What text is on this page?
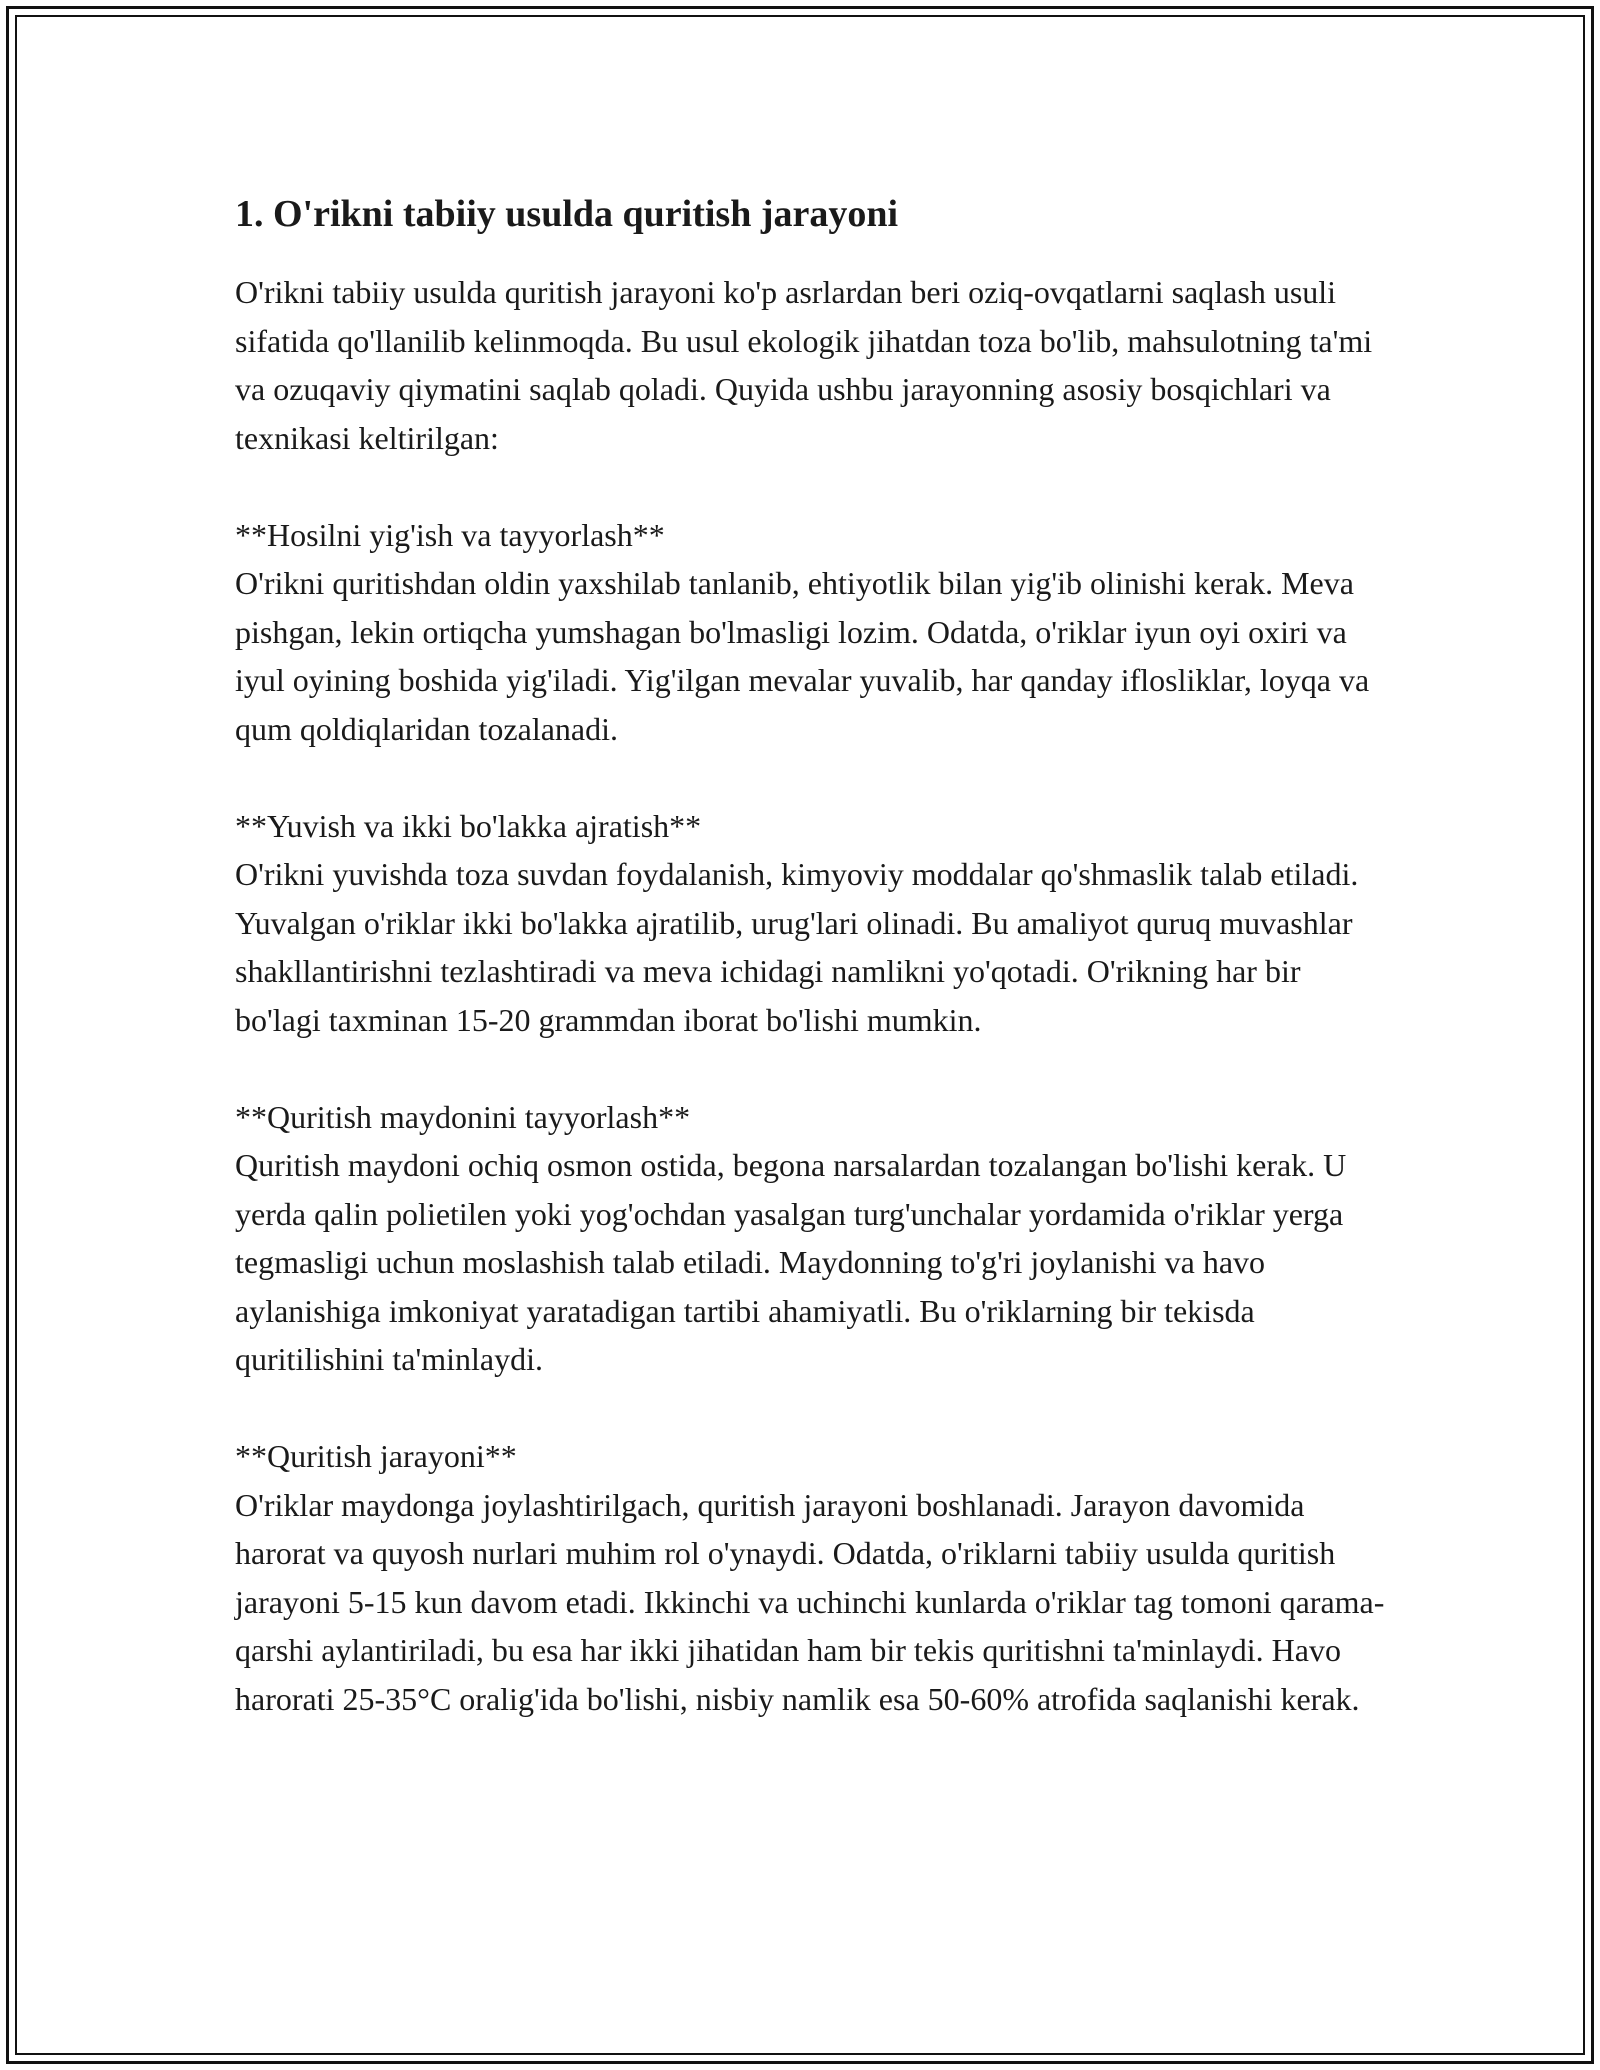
1. O'rikni tabiiy usulda quritish jarayoni

O'rikni tabiiy usulda quritish jarayoni ko'p asrlardan beri oziq-ovqatlarni saqlash usuli sifatida qo'llanilib kelinmoqda. Bu usul ekologik jihatdan toza bo'lib, mahsulotning ta'mi va ozuqaviy qiymatini saqlab qoladi. Quyida ushbu jarayonning asosiy bosqichlari va texnikasi keltirilgan:

**Hosilni yig'ish va tayyorlash**

O'rikni quritishdan oldin yaxshilab tanlanib, ehtiyotlik bilan yig'ib olinishi kerak. Meva pishgan, lekin ortiqcha yumshagan bo'lmasligi lozim. Odatda, o'riklar iyun oyi oxiri va iyul oyining boshida yig'iladi. Yig'ilgan mevalar yuvalib, har qanday iflosliklar, loyqa va qum qoldiqlaridan tozalanadi.

**Yuvish va ikki bo'lakka ajratish**

O'rikni yuvishda toza suvdan foydalanish, kimyoviy moddalar qo'shmaslik talab etiladi. Yuvalgan o'riklar ikki bo'lakka ajratilib, urug'lari olinadi. Bu amaliyot quruq muvashlar shakllantirishni tezlashtiradi va meva ichidagi namlikni yo'qotadi. O'rikning har bir bo'lagi taxminan 15-20 grammdan iborat bo'lishi mumkin.

**Quritish maydonini tayyorlash**

Quritish maydoni ochiq osmon ostida, begona narsalardan tozalangan bo'lishi kerak. U yerda qalin polietilen yoki yog'ochdan yasalgan turg'unchalar yordamida o'riklar yerga tegmasligi uchun moslashish talab etiladi. Maydonning to'g'ri joylanishi va havo aylanishiga imkoniyat yaratadigan tartibi ahamiyatli. Bu o'riklarning bir tekisda quritilishini ta'minlaydi.

**Quritish jarayoni**

O'riklar maydonga joylashtirilgach, quritish jarayoni boshlanadi. Jarayon davomida harorat va quyosh nurlari muhim rol o'ynaydi. Odatda, o'riklarni tabiiy usulda quritish jarayoni 5-15 kun davom etadi. Ikkinchi va uchinchi kunlarda o'riklar tag tomoni qarama-qarshi aylantiriladi, bu esa har ikki jihatidan ham bir tekis quritishni ta'minlaydi. Havo harorati 25-35°C oralig'ida bo'lishi, nisbiy namlik esa 50-60% atrofida saqlanishi kerak.
